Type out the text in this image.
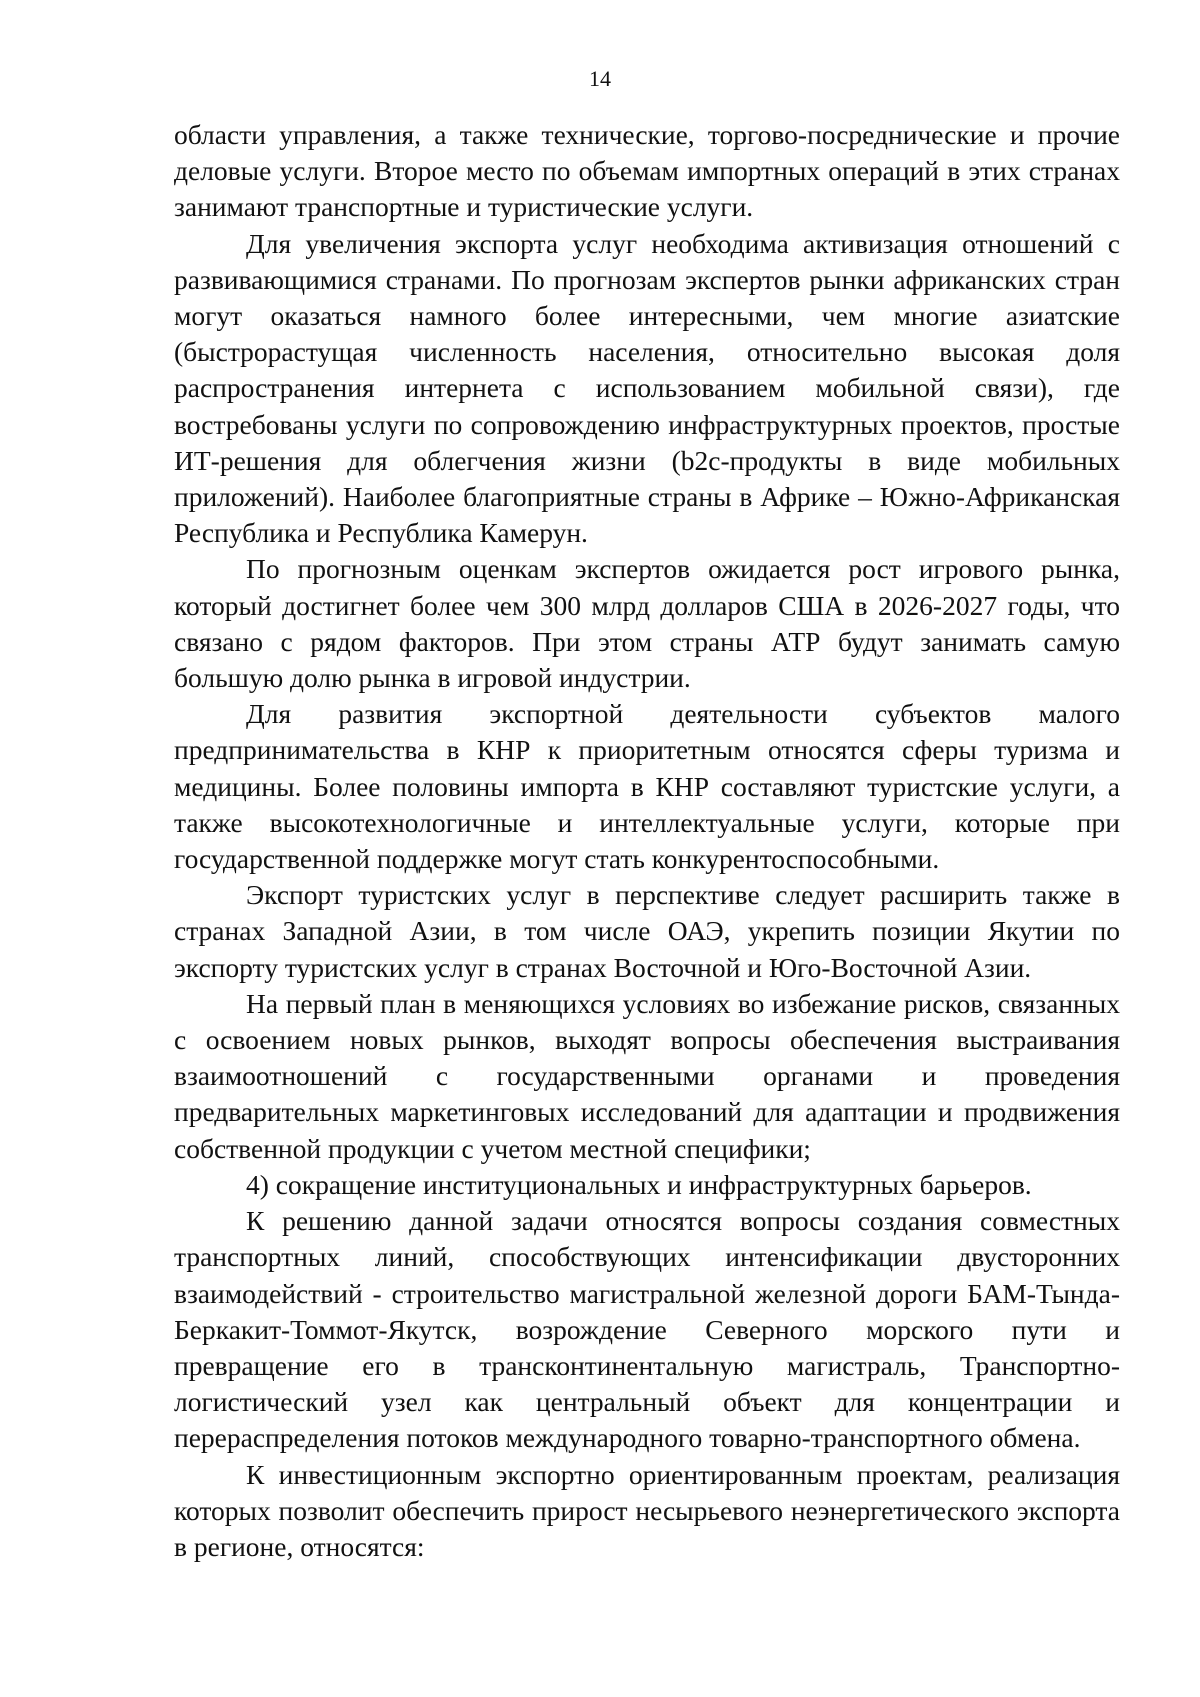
14

области управления, а также технические, торгово-посреднические и прочие деловые услуги. Второе место по объемам импортных операций в этих странах занимают транспортные и туристические услуги.

Для увеличения экспорта услуг необходима активизация отношений с развивающимися странами. По прогнозам экспертов рынки африканских стран могут оказаться намного более интересными, чем многие азиатские (быстрорастущая численность населения, относительно высокая доля распространения интернета с использованием мобильной связи), где востребованы услуги по сопровождению инфраструктурных проектов, простые ИТ-решения для облегчения жизни (b2c-продукты в виде мобильных приложений). Наиболее благоприятные страны в Африке – Южно-Африканская Республика и Республика Камерун.

По прогнозным оценкам экспертов ожидается рост игрового рынка, который достигнет более чем 300 млрд долларов США в 2026-2027 годы, что связано с рядом факторов. При этом страны АТР будут занимать самую большую долю рынка в игровой индустрии.

Для развития экспортной деятельности субъектов малого предпринимательства в КНР к приоритетным относятся сферы туризма и медицины. Более половины импорта в КНР составляют туристские услуги, а также высокотехнологичные и интеллектуальные услуги, которые при государственной поддержке могут стать конкурентоспособными.

Экспорт туристских услуг в перспективе следует расширить также в странах Западной Азии, в том числе ОАЭ, укрепить позиции Якутии по экспорту туристских услуг в странах Восточной и Юго-Восточной Азии.

На первый план в меняющихся условиях во избежание рисков, связанных с освоением новых рынков, выходят вопросы обеспечения выстраивания взаимоотношений с государственными органами и проведения предварительных маркетинговых исследований для адаптации и продвижения собственной продукции с учетом местной специфики;

4) сокращение институциональных и инфраструктурных барьеров.

К решению данной задачи относятся вопросы создания совместных транспортных линий, способствующих интенсификации двусторонних взаимодействий - строительство магистральной железной дороги БАМ-Тында-Беркакит-Томмот-Якутск, возрождение Северного морского пути и превращение его в трансконтинентальную магистраль, Транспортно-логистический узел как центральный объект для концентрации и перераспределения потоков международного товарно-транспортного обмена.

К инвестиционным экспортно ориентированным проектам, реализация которых позволит обеспечить прирост несырьевого неэнергетического экспорта в регионе, относятся:
